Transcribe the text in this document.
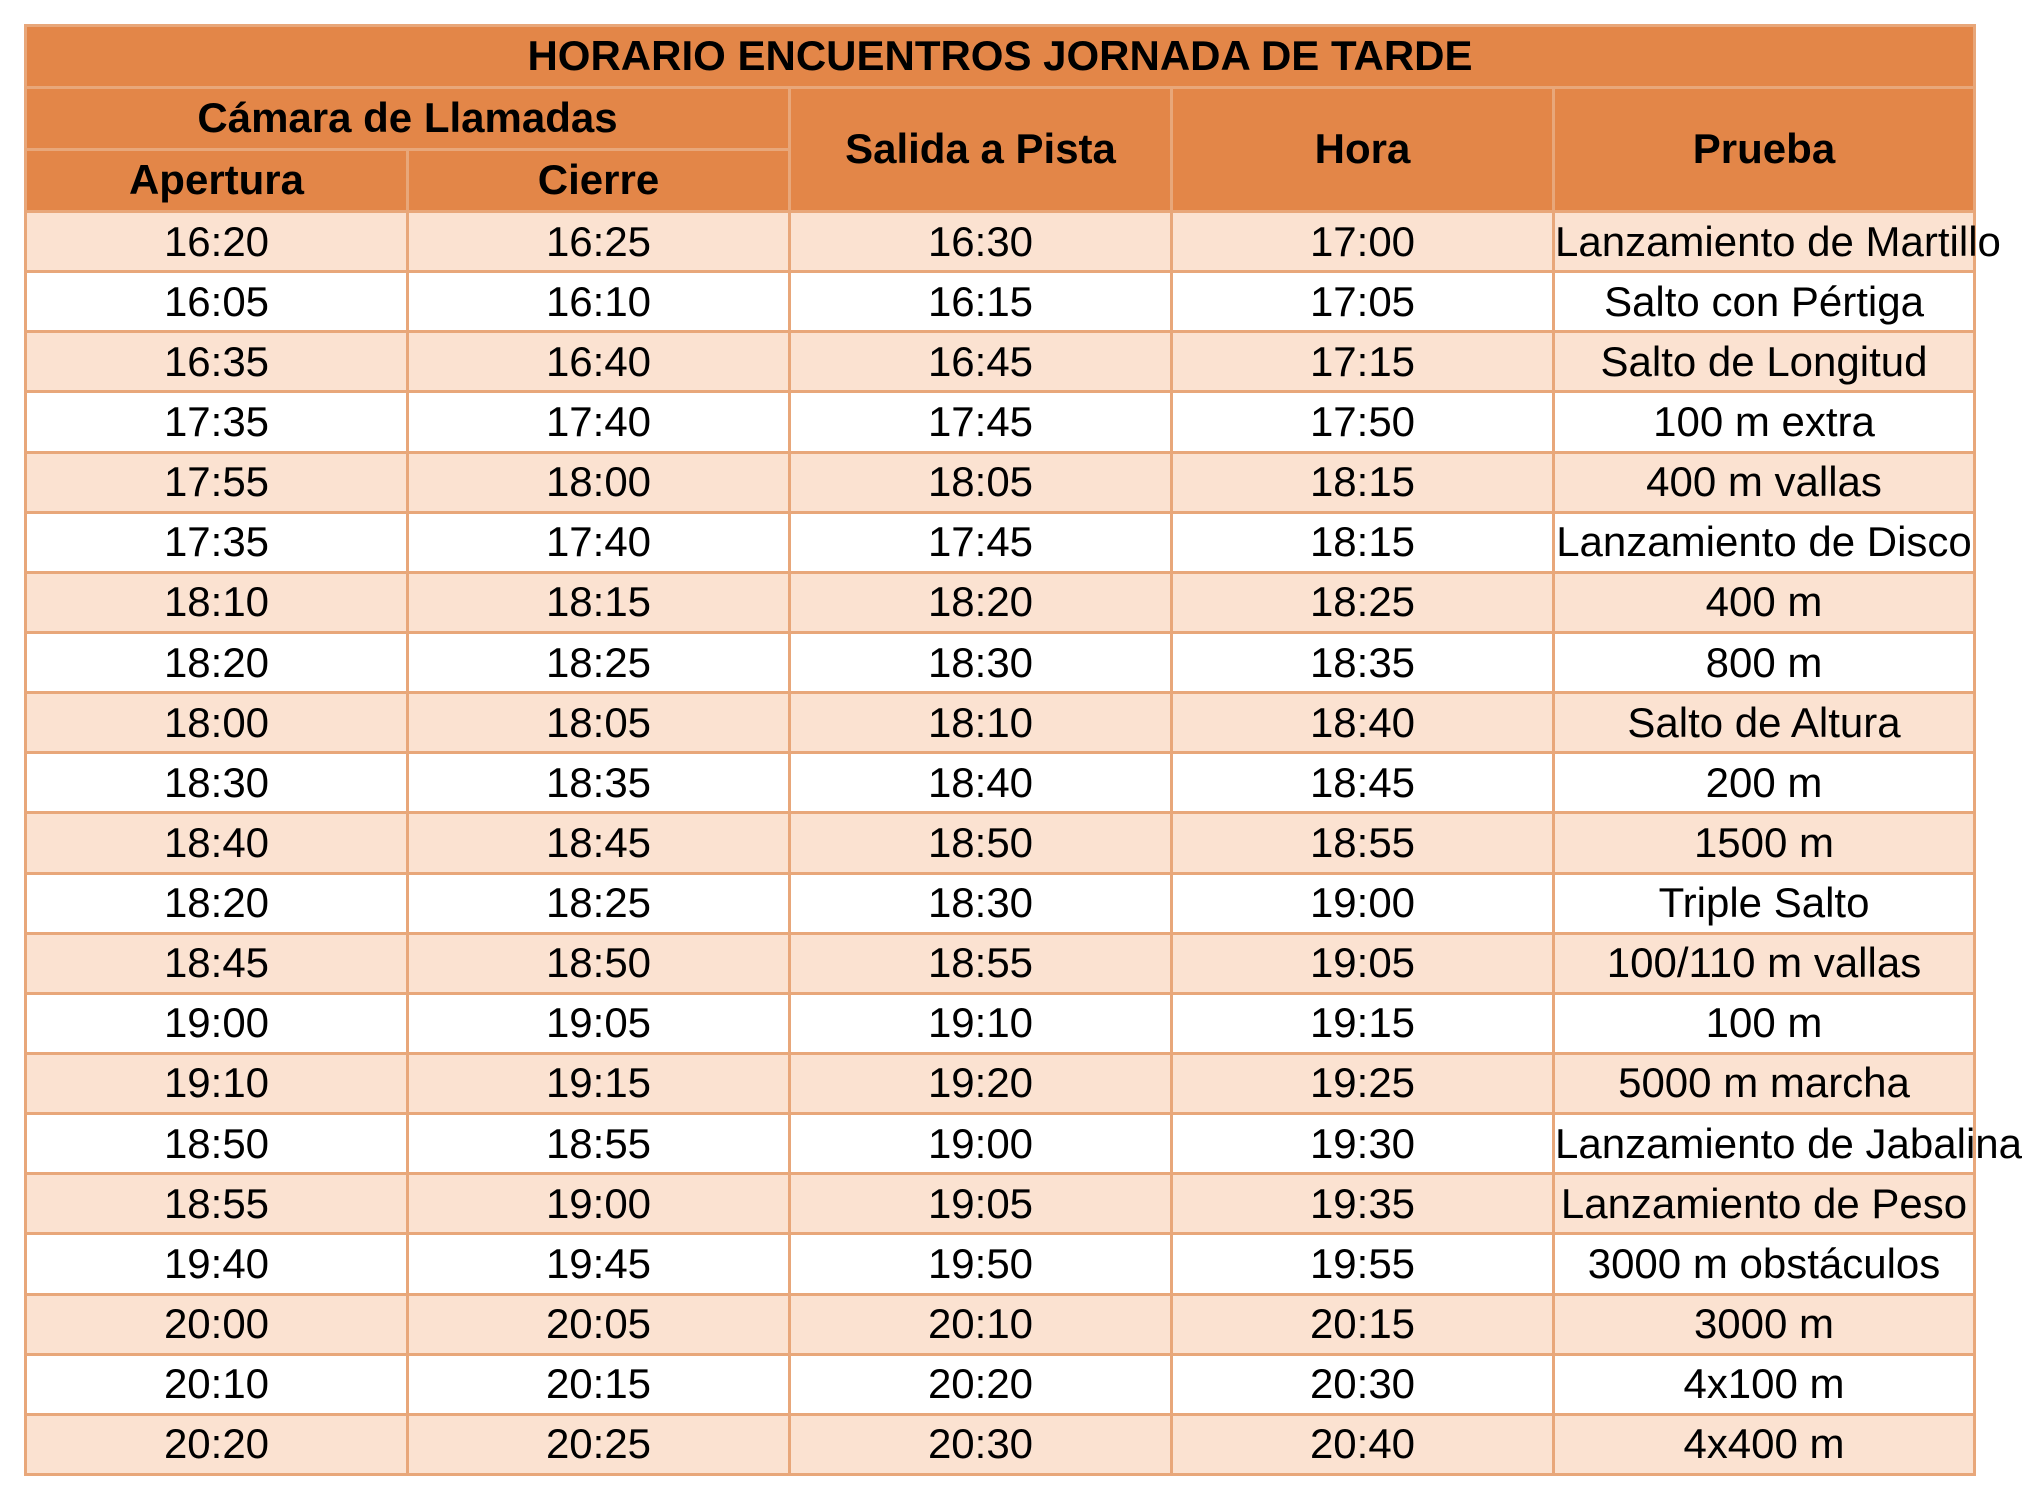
HORARIO ENCUENTROS JORNADA DE TARDE				
Cámara de Llamadas		Salida a Pista	Hora	Prueba
Apertura	Cierre			
16:20	16:25	16:30	17:00	Lanzamiento de Martillo
16:05	16:10	16:15	17:05	Salto con Pértiga
16:35	16:40	16:45	17:15	Salto de Longitud
17:35	17:40	17:45	17:50	100 m extra
17:55	18:00	18:05	18:15	400 m vallas
17:35	17:40	17:45	18:15	Lanzamiento de Disco
18:10	18:15	18:20	18:25	400 m
18:20	18:25	18:30	18:35	800 m
18:00	18:05	18:10	18:40	Salto de Altura
18:30	18:35	18:40	18:45	200 m
18:40	18:45	18:50	18:55	1500 m
18:20	18:25	18:30	19:00	Triple Salto
18:45	18:50	18:55	19:05	100/110 m vallas
19:00	19:05	19:10	19:15	100 m
19:10	19:15	19:20	19:25	5000 m marcha
18:50	18:55	19:00	19:30	Lanzamiento de Jabalina
18:55	19:00	19:05	19:35	Lanzamiento de Peso
19:40	19:45	19:50	19:55	3000 m obstáculos
20:00	20:05	20:10	20:15	3000 m
20:10	20:15	20:20	20:30	4x100 m
20:20	20:25	20:30	20:40	4x400 m
